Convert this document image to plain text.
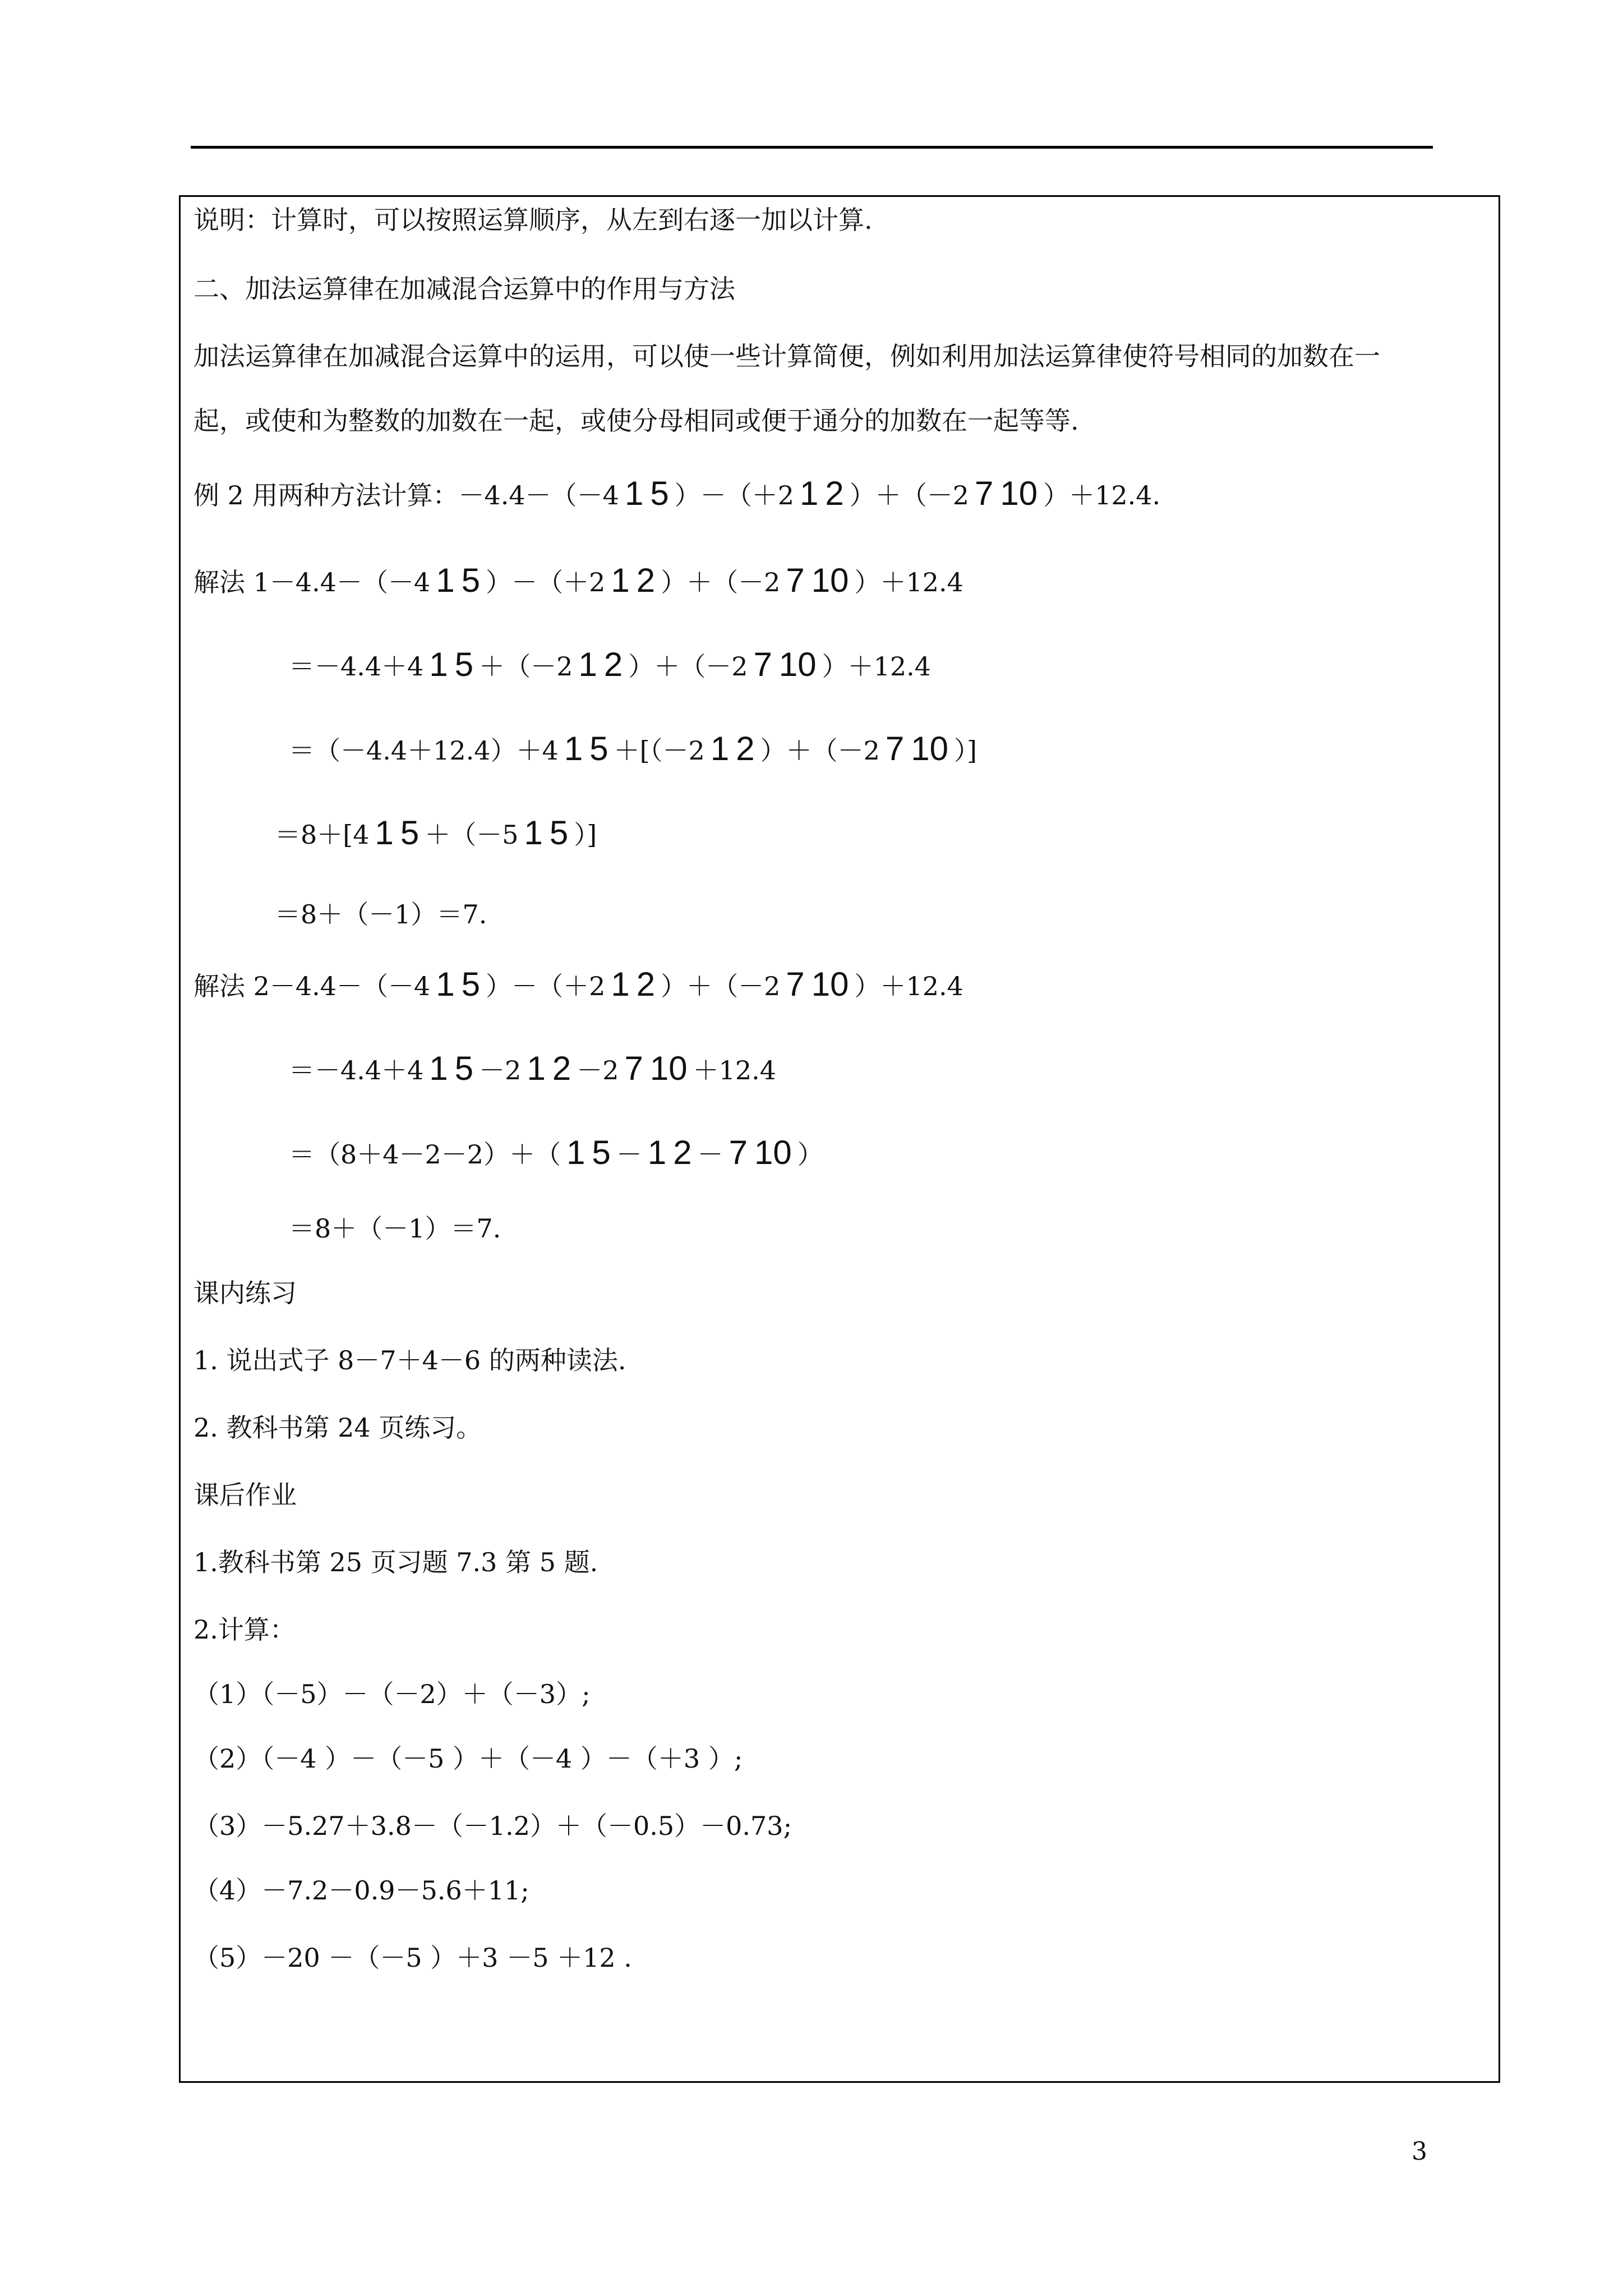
说明：计算时，可以按照运算顺序，从左到右逐一加以计算.
二、加法运算律在加减混合运算中的作用与方法
加法运算律在加减混合运算中的运用，可以使一些计算简便，例如利用加法运算律使符号相同的加数在一
起，或使和为整数的加数在一起，或使分母相同或便于通分的加数在一起等等.
例 2 用两种方法计算：－4.4－（－4 1 5 ）－（＋2 1 2 ）＋（－2 7 10 ）＋12.4.
解法 1 －4.4－（－4 1 5 ）－（＋2 1 2 ）＋（－2 7 10 ）＋12.4
＝－4.4＋4 1 5 ＋（－2 1 2 ）＋（－2 7 10 ）＋12.4
＝（－4.4＋12.4）＋4 1 5 ＋[（－2 1 2 ）＋（－2 7 10 ）]
＝8＋[4 1 5 ＋（－5 1 5 ）]
＝8＋（－1）＝7.
解法 2 －4.4－（－4 1 5 ）－（＋2 1 2 ）＋（－2 7 10 ）＋12.4
＝－4.4＋4 1 5 －2 1 2 －2 7 10 ＋12.4
＝（8＋4－2－2）＋（ 1 5 － 1 2 － 7 10 ）
＝8＋（－1）＝7.
课内练习
1. 说出式子 8－7＋4－6 的两种读法.
2. 教科书第 24 页练习。
课后作业
1.教科书第 25 页习题 7.3 第 5 题.
2.计算：
（1）（－5）－（－2）＋（－3）;
（2）（－4 ）－（－5 ）＋（－4 ）－（＋3 ）;
（3）－5.27＋3.8－（－1.2）＋（－0.5）－0.73;
（4）－7.2－0.9－5.6＋11;
（5）－20 －（－5 ）＋3 －5 ＋12 .
3
